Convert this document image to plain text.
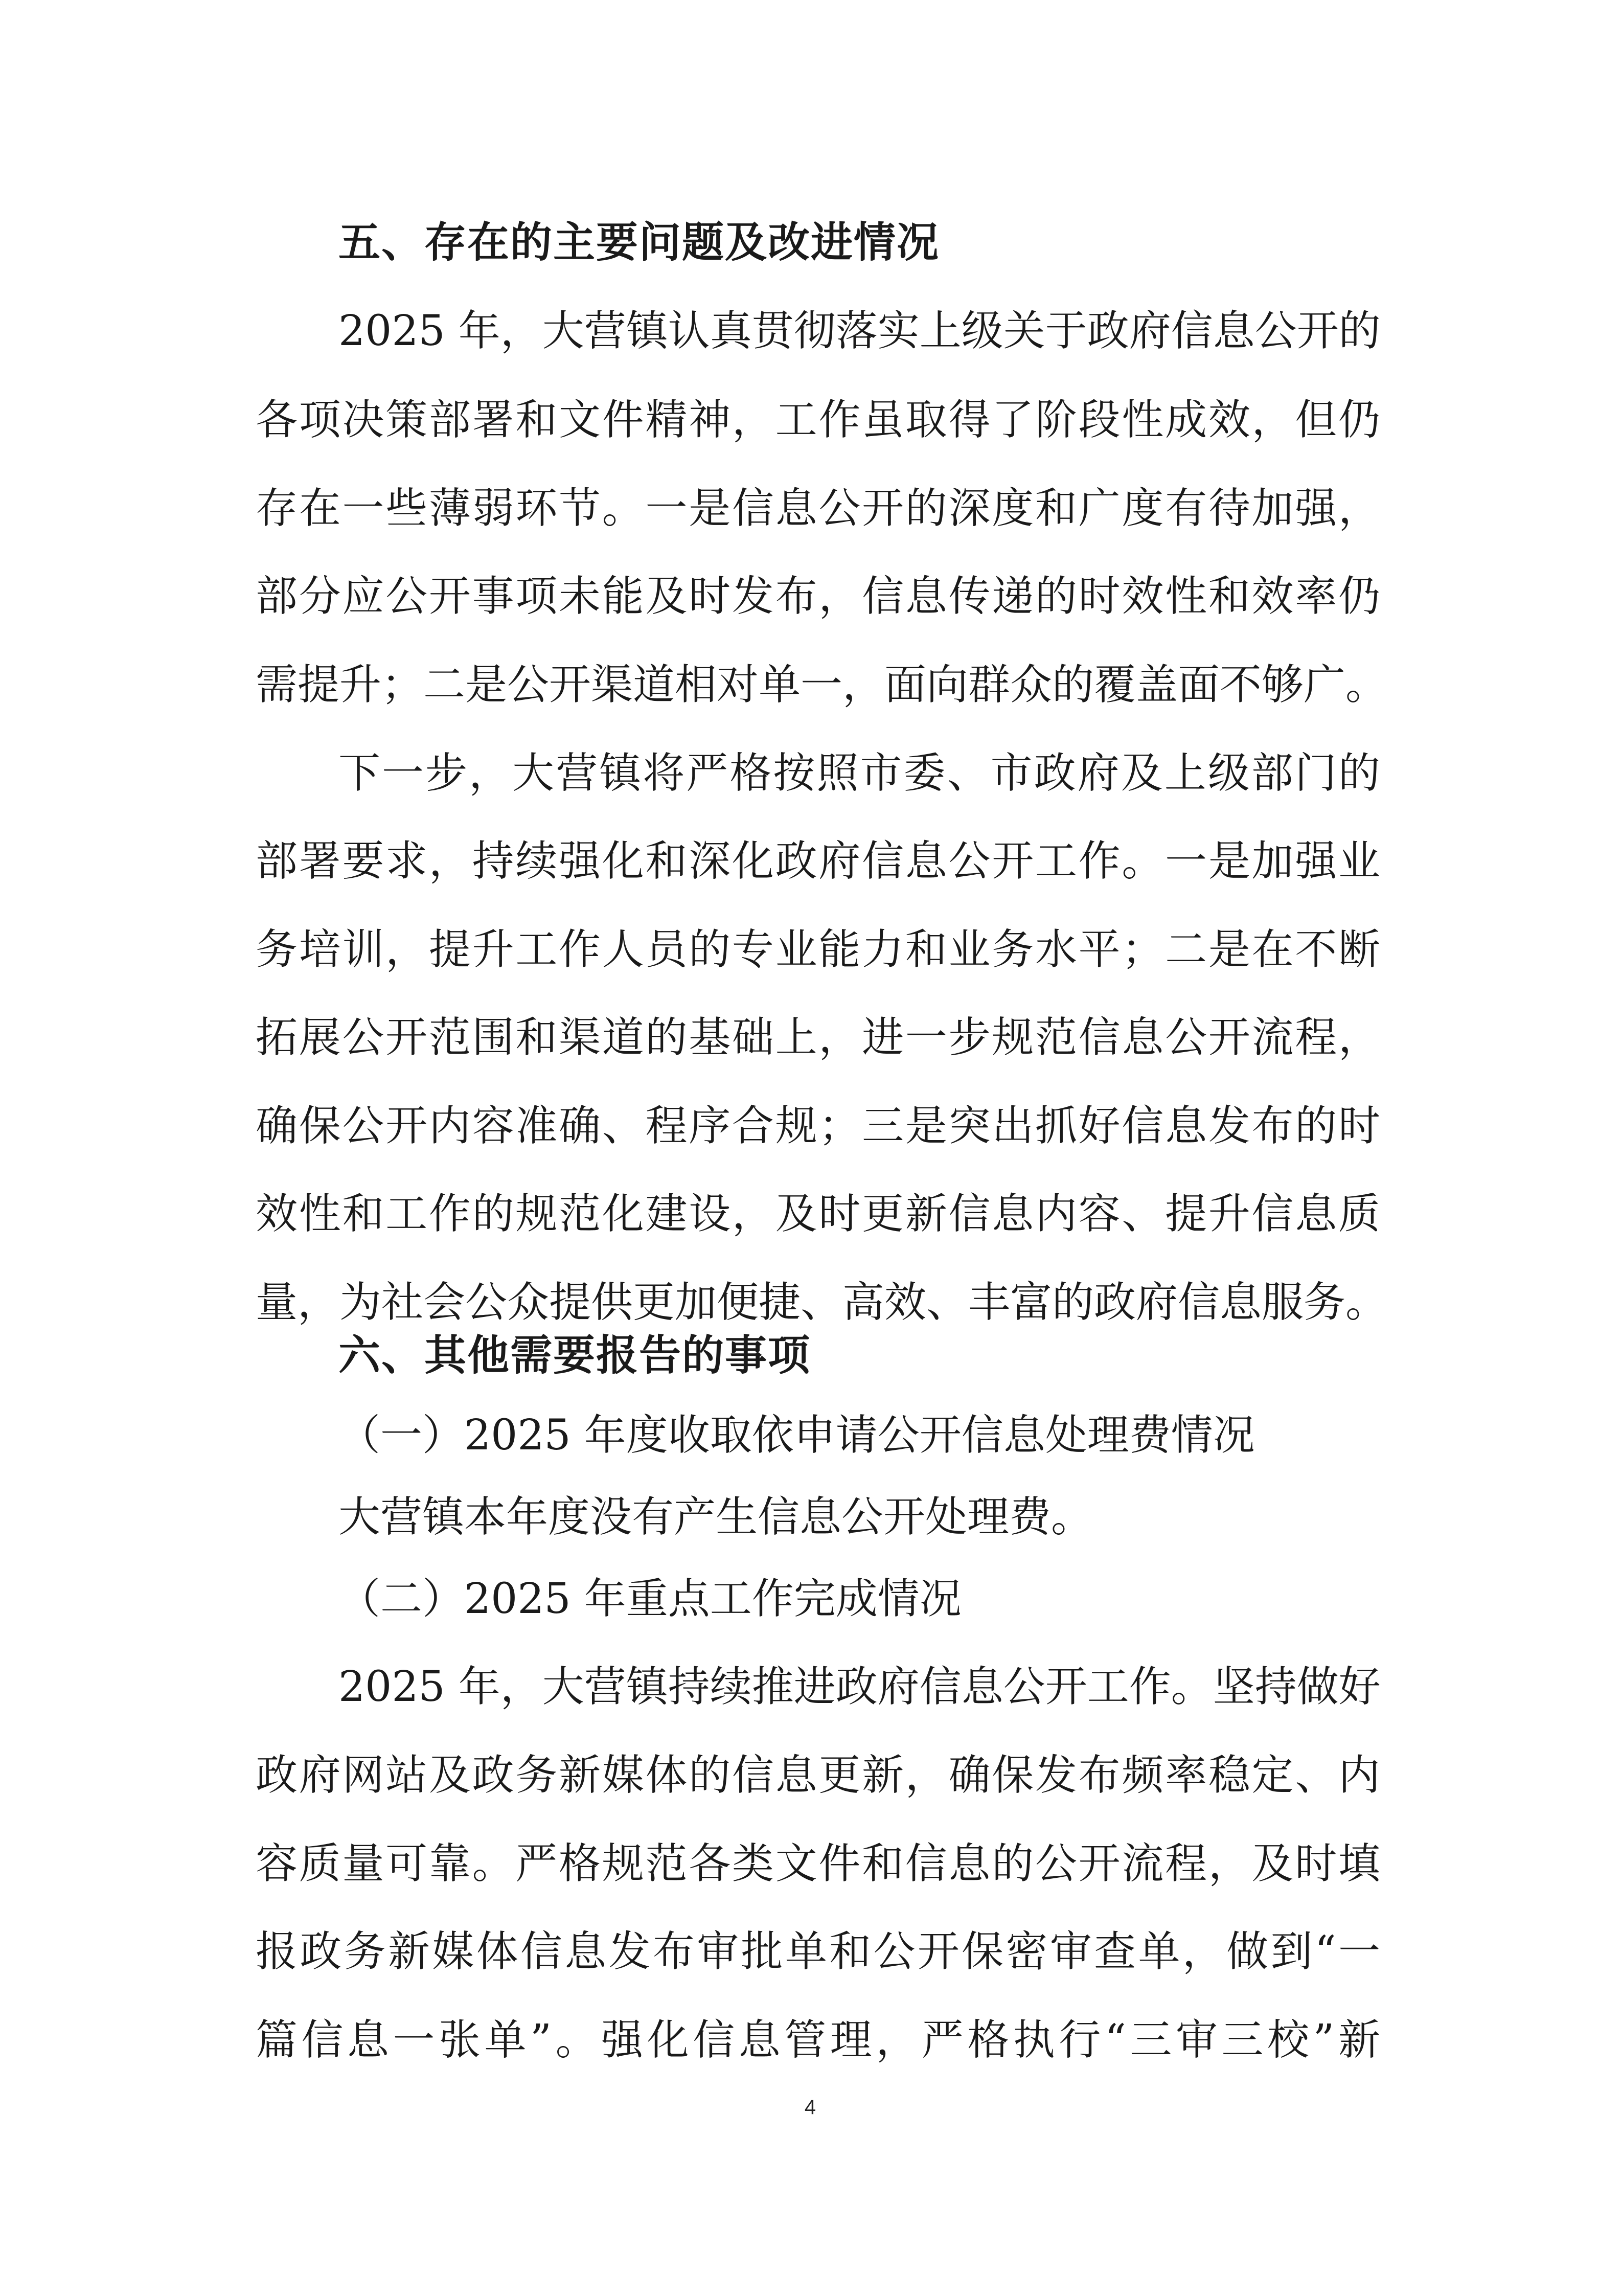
五、存在的主要问题及改进情况
2025 年，大营镇认真贯彻落实上级关于政府信息公开的
各项决策部署和文件精神，工作虽取得了阶段性成效，但仍
存在一些薄弱环节。一是信息公开的深度和广度有待加强，
部分应公开事项未能及时发布，信息传递的时效性和效率仍
需提升；二是公开渠道相对单一，面向群众的覆盖面不够广。
下一步，大营镇将严格按照市委、市政府及上级部门的
部署要求，持续强化和深化政府信息公开工作。一是加强业
务培训，提升工作人员的专业能力和业务水平；二是在不断
拓展公开范围和渠道的基础上，进一步规范信息公开流程，
确保公开内容准确、程序合规；三是突出抓好信息发布的时
效性和工作的规范化建设，及时更新信息内容、提升信息质
量，为社会公众提供更加便捷、高效、丰富的政府信息服务。
六、其他需要报告的事项
（一）2025 年度收取依申请公开信息处理费情况
大营镇本年度没有产生信息公开处理费。
（二）2025 年重点工作完成情况
2025 年，大营镇持续推进政府信息公开工作。坚持做好
政府网站及政务新媒体的信息更新，确保发布频率稳定、内
容质量可靠。严格规范各类文件和信息的公开流程，及时填
报政务新媒体信息发布审批单和公开保密审查单，做到“一
篇信息一张单”。强化信息管理，严格执行“三审三校”新
4
